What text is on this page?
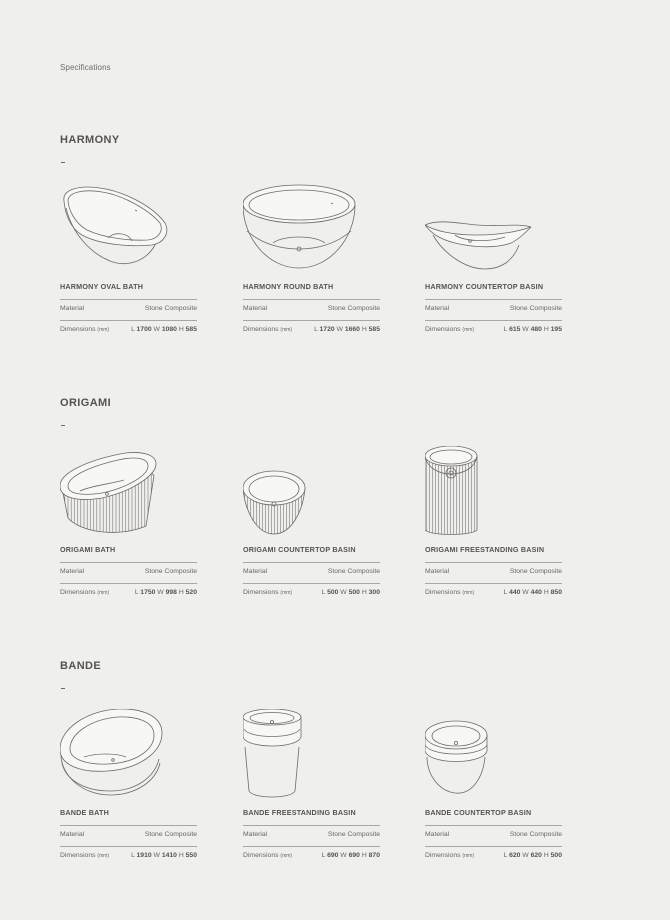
Specifications
HARMONY
HARMONY OVAL BATH
Material	Stone Composite
Dimensions (mm)	L 1700 W 1080 H 585
HARMONY ROUND BATH
Material	Stone Composite
Dimensions (mm)	L 1720 W 1660 H 585
HARMONY COUNTERTOP BASIN
Material	Stone Composite
Dimensions (mm)	L 615 W 480 H 195
ORIGAMI
ORIGAMI BATH
Material	Stone Composite
Dimensions (mm)	L 1750 W 998 H 520
ORIGAMI COUNTERTOP BASIN
Material	Stone Composite
Dimensions (mm)	L 500 W 500 H 300
ORIGAMI FREESTANDING BASIN
Material	Stone Composite
Dimensions (mm)	L 440 W 440 H 850
BANDE
BANDE BATH
Material	Stone Composite
Dimensions (mm)	L 1910 W 1410 H 550
BANDE FREESTANDING BASIN
Material	Stone Composite
Dimensions (mm)	L 690 W 690 H 870
BANDE COUNTERTOP BASIN
Material	Stone Composite
Dimensions (mm)	L 620 W 620 H 500
